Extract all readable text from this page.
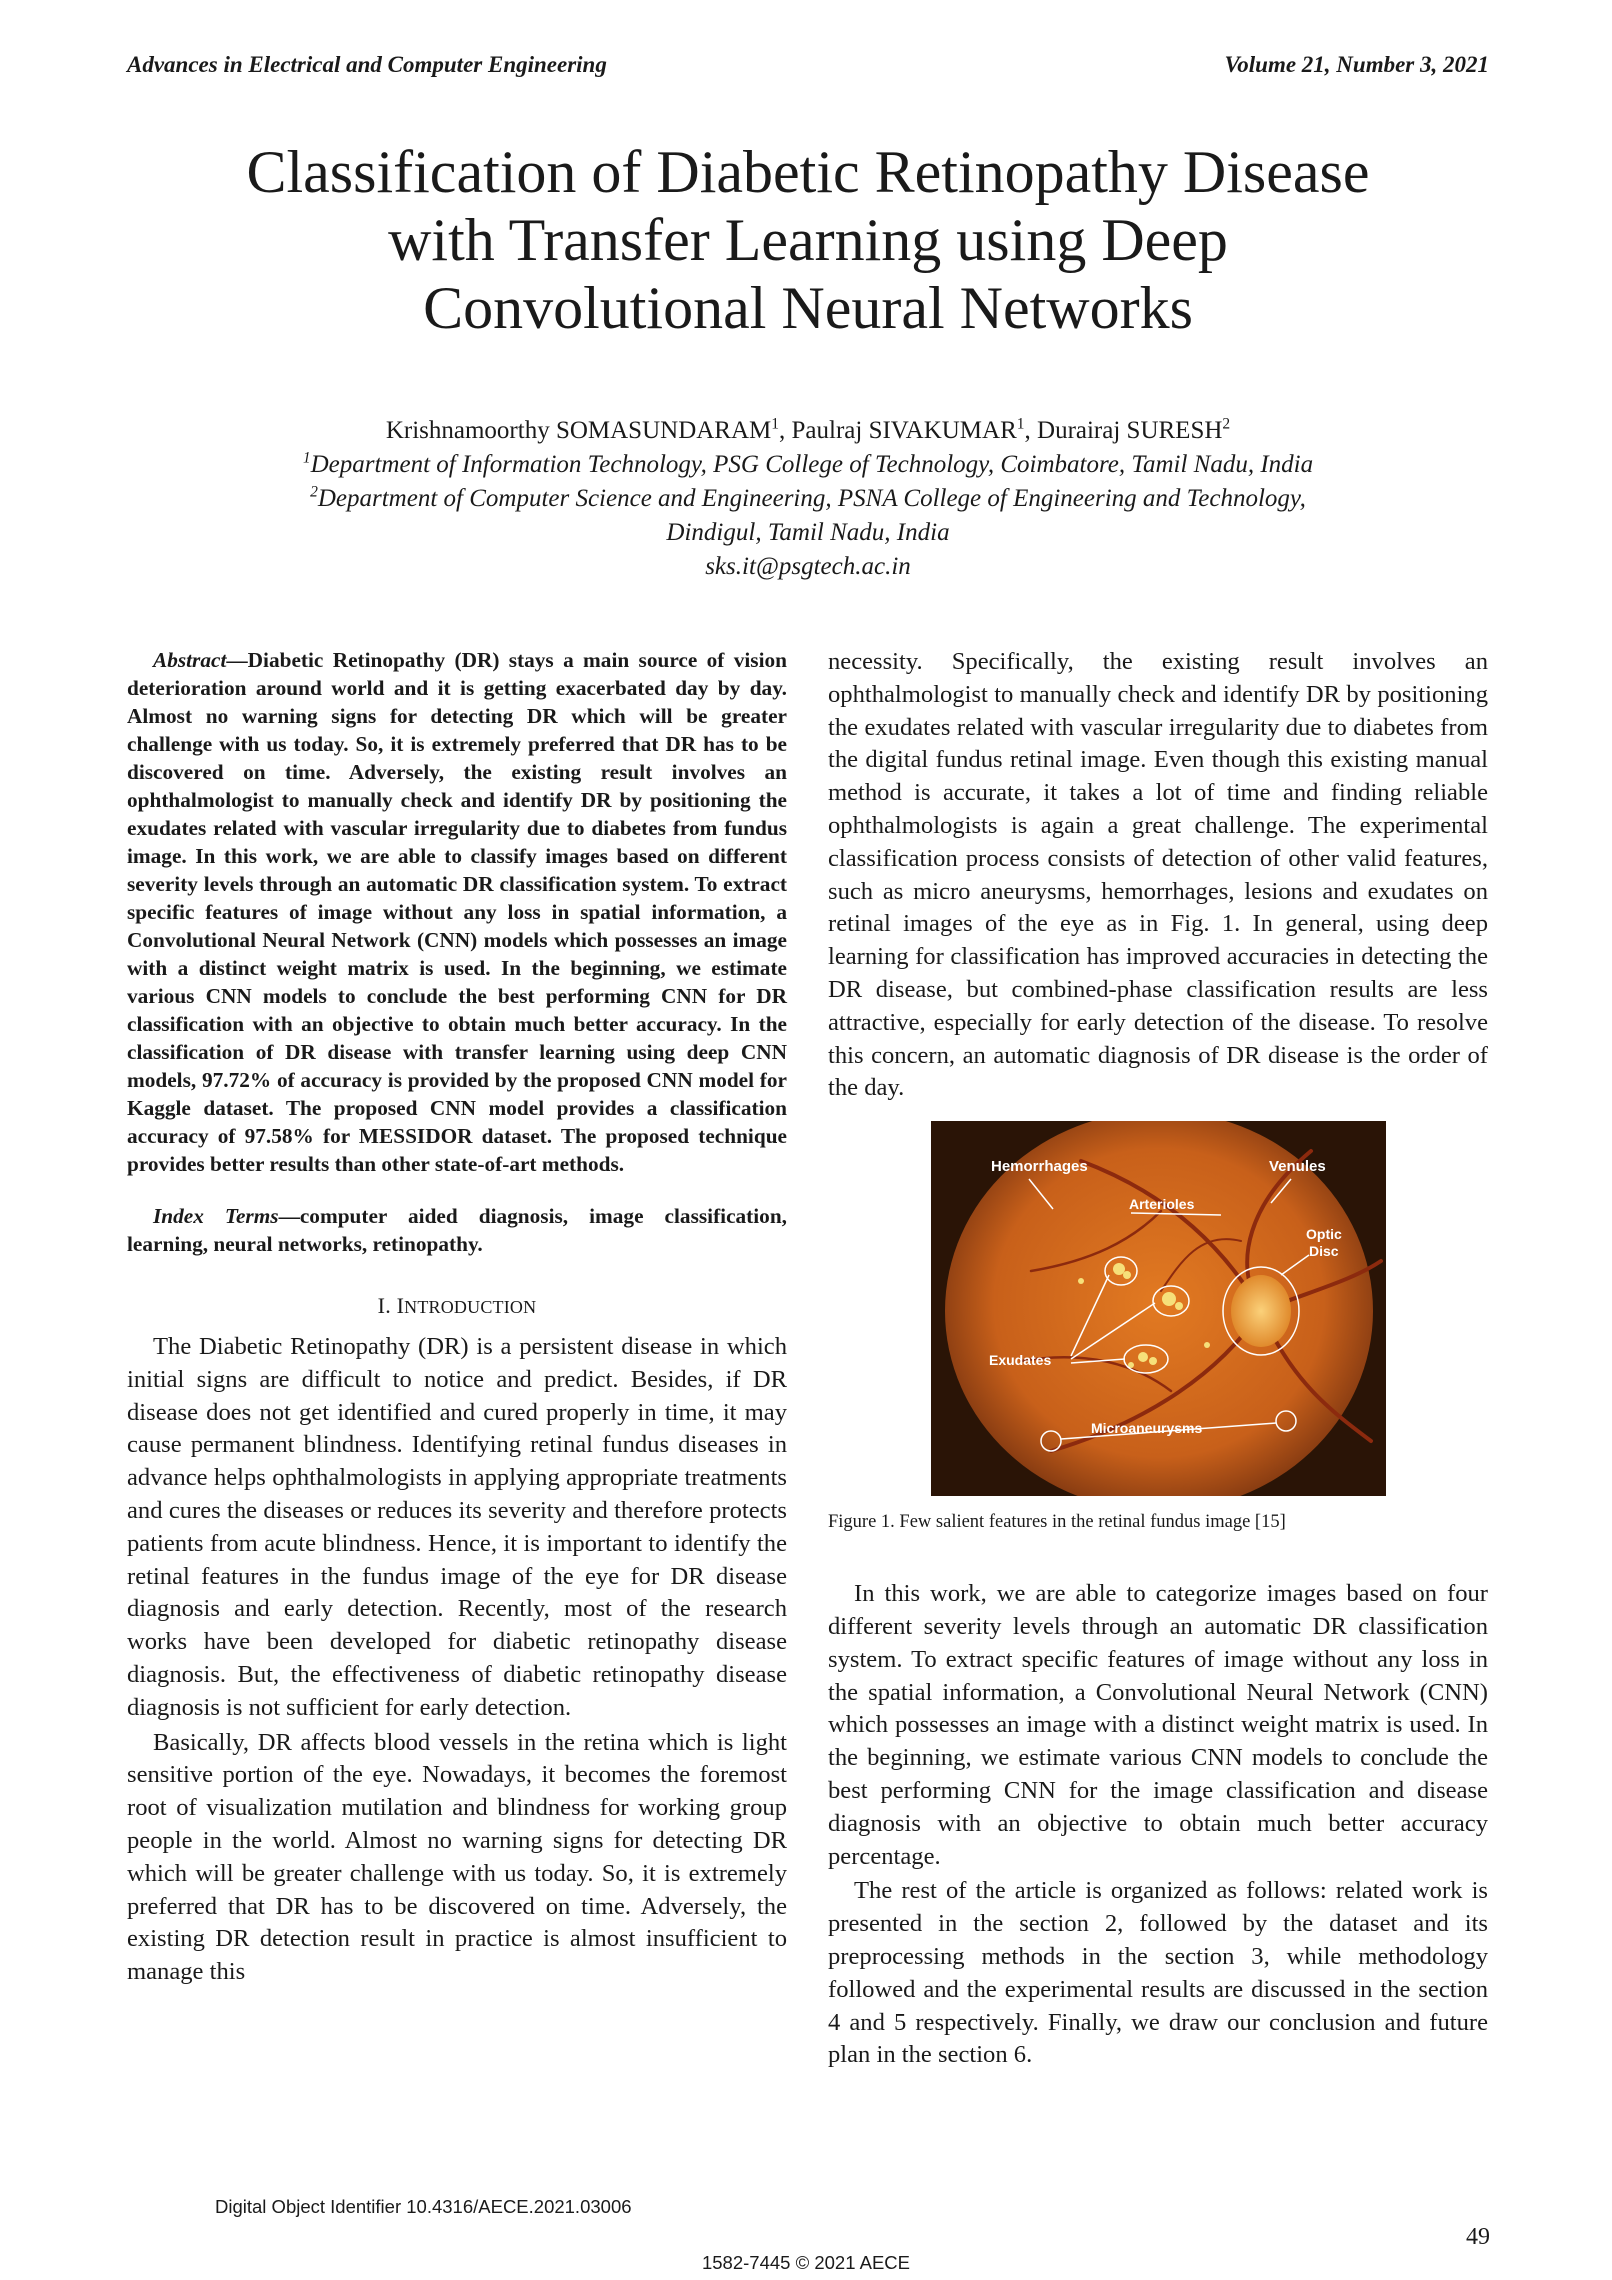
Advances in Electrical and Computer Engineering	Volume 21, Number 3, 2021
Classification of Diabetic Retinopathy Disease
with Transfer Learning using Deep
Convolutional Neural Networks
Krishnamoorthy SOMASUNDARAM$^1$, Paulraj SIVAKUMAR$^1$, Durairaj SURESH$^2$
$^1$Department of Information Technology, PSG College of Technology, Coimbatore, Tamil Nadu, India
$^2$Department of Computer Science and Engineering, PSNA College of Engineering and Technology,
Dindigul, Tamil Nadu, India
sks.it@psgtech.ac.in

Abstract—Diabetic Retinopathy (DR) stays a main source of vision deterioration around world and it is getting exacerbated day by day. Almost no warning signs for detecting DR which will be greater challenge with us today. So, it is extremely preferred that DR has to be discovered on time. Adversely, the existing result involves an ophthalmologist to manually check and identify DR by positioning the exudates related with vascular irregularity due to diabetes from fundus image. In this work, we are able to classify images based on different severity levels through an automatic DR classification system. To extract specific features of image without any loss in spatial information, a Convolutional Neural Network (CNN) models which possesses an image with a distinct weight matrix is used. In the beginning, we estimate various CNN models to conclude the best performing CNN for DR classification with an objective to obtain much better accuracy. In the classification of DR disease with transfer learning using deep CNN models, 97.72% of accuracy is provided by the proposed CNN model for Kaggle dataset. The proposed CNN model provides a classification accuracy of 97.58% for MESSIDOR dataset. The proposed technique provides better results than other state-of-art methods.

Index Terms—computer aided diagnosis, image classification, learning, neural networks, retinopathy.

I. INTRODUCTION

The Diabetic Retinopathy (DR) is a persistent disease in which initial signs are difficult to notice and predict. Besides, if DR disease does not get identified and cured properly in time, it may cause permanent blindness. Identifying retinal fundus diseases in advance helps ophthalmologists in applying appropriate treatments and cures the diseases or reduces its severity and therefore protects patients from acute blindness. Hence, it is important to identify the retinal features in the fundus image of the eye for DR disease diagnosis and early detection. Recently, most of the research works have been developed for diabetic retinopathy disease diagnosis. But, the effectiveness of diabetic retinopathy disease diagnosis is not sufficient for early detection.

Basically, DR affects blood vessels in the retina which is light sensitive portion of the eye. Nowadays, it becomes the foremost root of visualization mutilation and blindness for working group people in the world. Almost no warning signs for detecting DR which will be greater challenge with us today. So, it is extremely preferred that DR has to be discovered on time. Adversely, the existing DR detection result in practice is almost insufficient to manage this

necessity. Specifically, the existing result involves an ophthalmologist to manually check and identify DR by positioning the exudates related with vascular irregularity due to diabetes from the digital fundus retinal image. Even though this existing manual method is accurate, it takes a lot of time and finding reliable ophthalmologists is again a great challenge. The experimental classification process consists of detection of other valid features, such as micro aneurysms, hemorrhages, lesions and exudates on retinal images of the eye as in Fig. 1. In general, using deep learning for classification has improved accuracies in detecting the DR disease, but combined-phase classification results are less attractive, especially for early detection of the disease. To resolve this concern, an automatic diagnosis of DR disease is the order of the day.

Hemorrhages	Venules
Arterioles
Optic
Disc
Exudates
Microaneurysms

Figure 1. Few salient features in the retinal fundus image [15]

In this work, we are able to categorize images based on four different severity levels through an automatic DR classification system. To extract specific features of image without any loss in the spatial information, a Convolutional Neural Network (CNN) which possesses an image with a distinct weight matrix is used. In the beginning, we estimate various CNN models to conclude the best performing CNN for the image classification and disease diagnosis with an objective to obtain much better accuracy percentage.

The rest of the article is organized as follows: related work is presented in the section 2, followed by the dataset and its preprocessing methods in the section 3, while methodology followed and the experimental results are discussed in the section 4 and 5 respectively. Finally, we draw our conclusion and future plan in the section 6.

Digital Object Identifier 10.4316/AECE.2021.03006
49
1582-7445 © 2021 AECE
